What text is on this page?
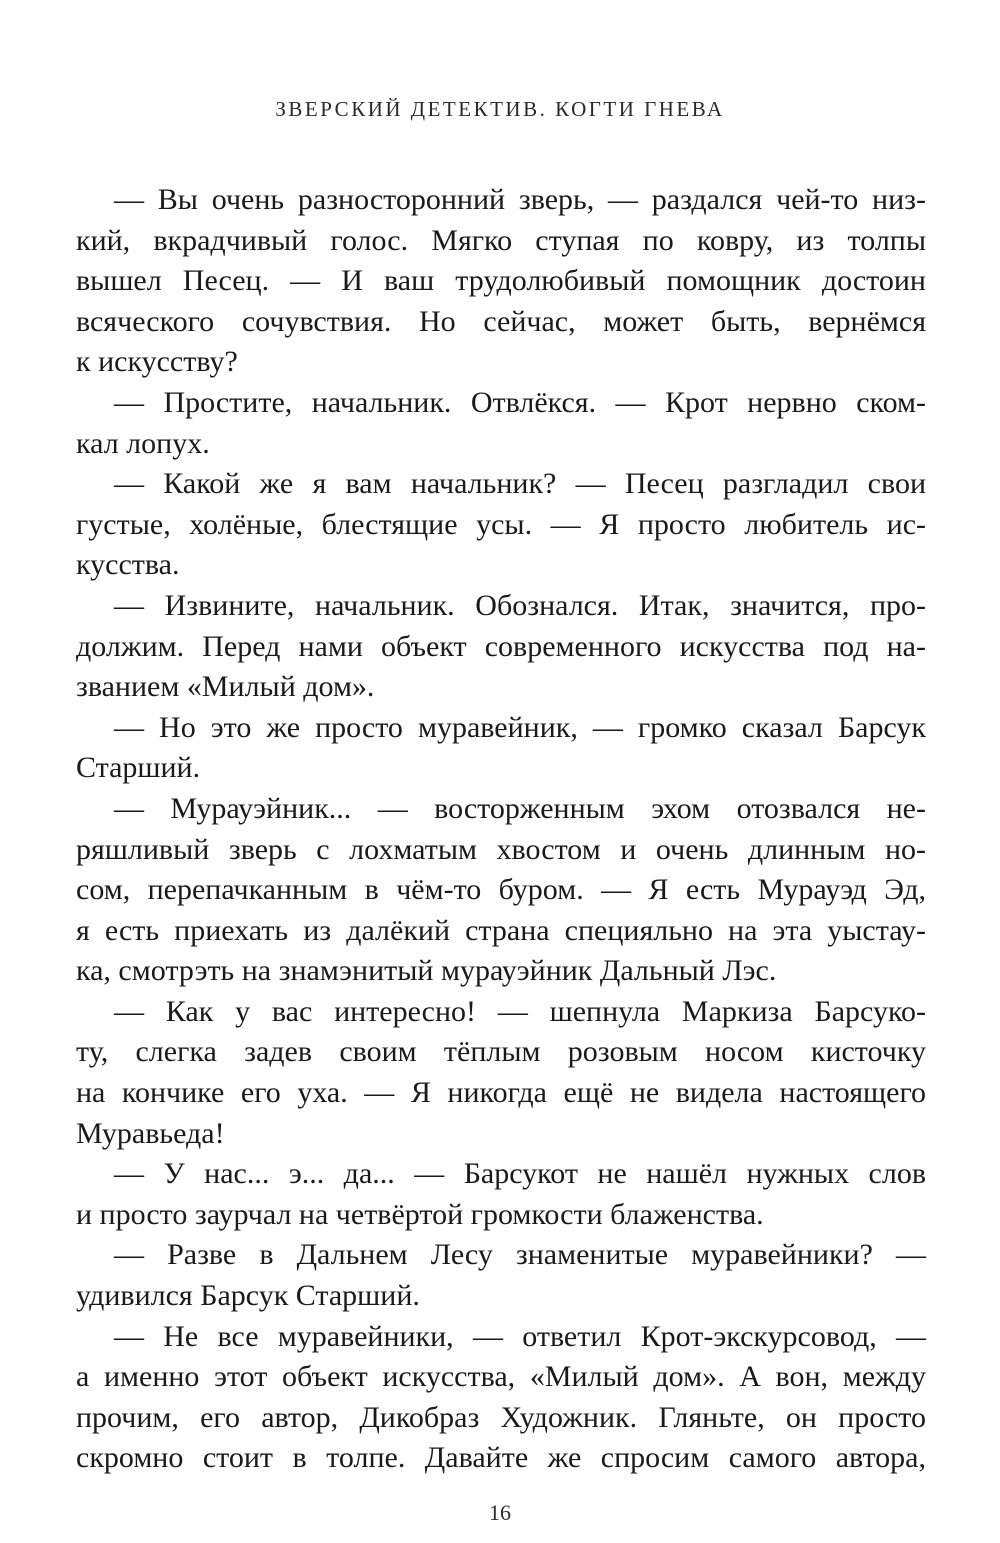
ЗВЕРСКИЙ ДЕТЕКТИВ. КОГТИ ГНЕВА
— Вы очень разносторонний зверь, — раздался чей-то низ-
кий, вкрадчивый голос. Мягко ступая по ковру, из толпы
вышел Песец. — И ваш трудолюбивый помощник достоин
всяческого сочувствия. Но сейчас, может быть, вернёмся
к искусству?
— Простите, начальник. Отвлёкся. — Крот нервно ском-
кал лопух.
— Какой же я вам начальник? — Песец разгладил свои
густые, холёные, блестящие усы. — Я просто любитель ис-
кусства.
— Извините, начальник. Обознался. Итак, значится, про-
должим. Перед нами объект современного искусства под на-
званием «Милый дом».
— Но это же просто муравейник, — громко сказал Барсук
Старший.
— Мурауэйник... — восторженным эхом отозвался не-
ряшливый зверь с лохматым хвостом и очень длинным но-
сом, перепачканным в чём-то буром. — Я есть Мурауэд Эд,
я есть приехать из далёкий страна специяльно на эта уыстау-
ка, смотрэть на знамэнитый мурауэйник Дальный Лэс.
— Как у вас интересно! — шепнула Маркиза Барсуко-
ту, слегка задев своим тёплым розовым носом кисточку
на кончике его уха. — Я никогда ещё не видела настоящего
Муравьеда!
— У нас... э... да... — Барсукот не нашёл нужных слов
и просто заурчал на четвёртой громкости блаженства.
— Разве в Дальнем Лесу знаменитые муравейники? —
удивился Барсук Старший.
— Не все муравейники, — ответил Крот-экскурсовод, —
а именно этот объект искусства, «Милый дом». А вон, между
прочим, его автор, Дикобраз Художник. Гляньте, он просто
скромно стоит в толпе. Давайте же спросим самого автора,
16
